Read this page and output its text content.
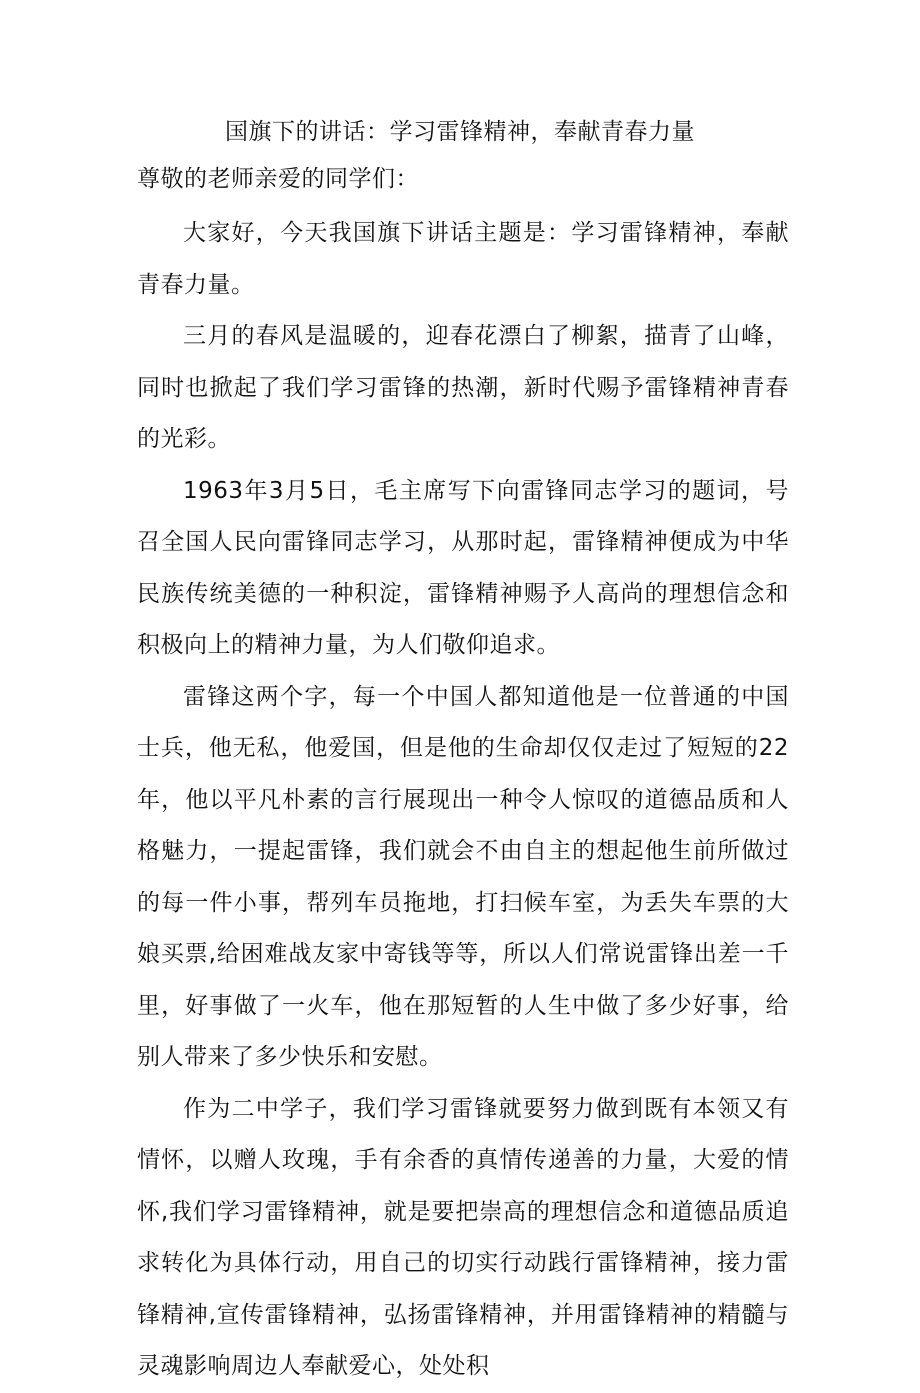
国旗下的讲话：学习雷锋精神，奉献青春力量

尊敬的老师亲爱的同学们：

大家好，今天我国旗下讲话主题是：学习雷锋精神，奉献青春力量。

三月的春风是温暖的，迎春花漂白了柳絮，描青了山峰，同时也掀起了我们学习雷锋的热潮，新时代赐予雷锋精神青春的光彩。

1963年3月5日，毛主席写下向雷锋同志学习的题词，号召全国人民向雷锋同志学习，从那时起，雷锋精神便成为中华民族传统美德的一种积淀，雷锋精神赐予人高尚的理想信念和积极向上的精神力量，为人们敬仰追求。

雷锋这两个字，每一个中国人都知道他是一位普通的中国士兵，他无私，他爱国，但是他的生命却仅仅走过了短短的22年，他以平凡朴素的言行展现出一种令人惊叹的道德品质和人格魅力，一提起雷锋，我们就会不由自主的想起他生前所做过的每一件小事，帮列车员拖地，打扫候车室，为丢失车票的大娘买票,给困难战友家中寄钱等等，所以人们常说雷锋出差一千里，好事做了一火车，他在那短暂的人生中做了多少好事，给别人带来了多少快乐和安慰。

作为二中学子，我们学习雷锋就要努力做到既有本领又有情怀，以赠人玫瑰，手有余香的真情传递善的力量，大爱的情怀,我们学习雷锋精神，就是要把崇高的理想信念和道德品质追求转化为具体行动，用自己的切实行动践行雷锋精神，接力雷锋精神,宣传雷锋精神，弘扬雷锋精神，并用雷锋精神的精髓与灵魂影响周边人奉献爱心，处处积
